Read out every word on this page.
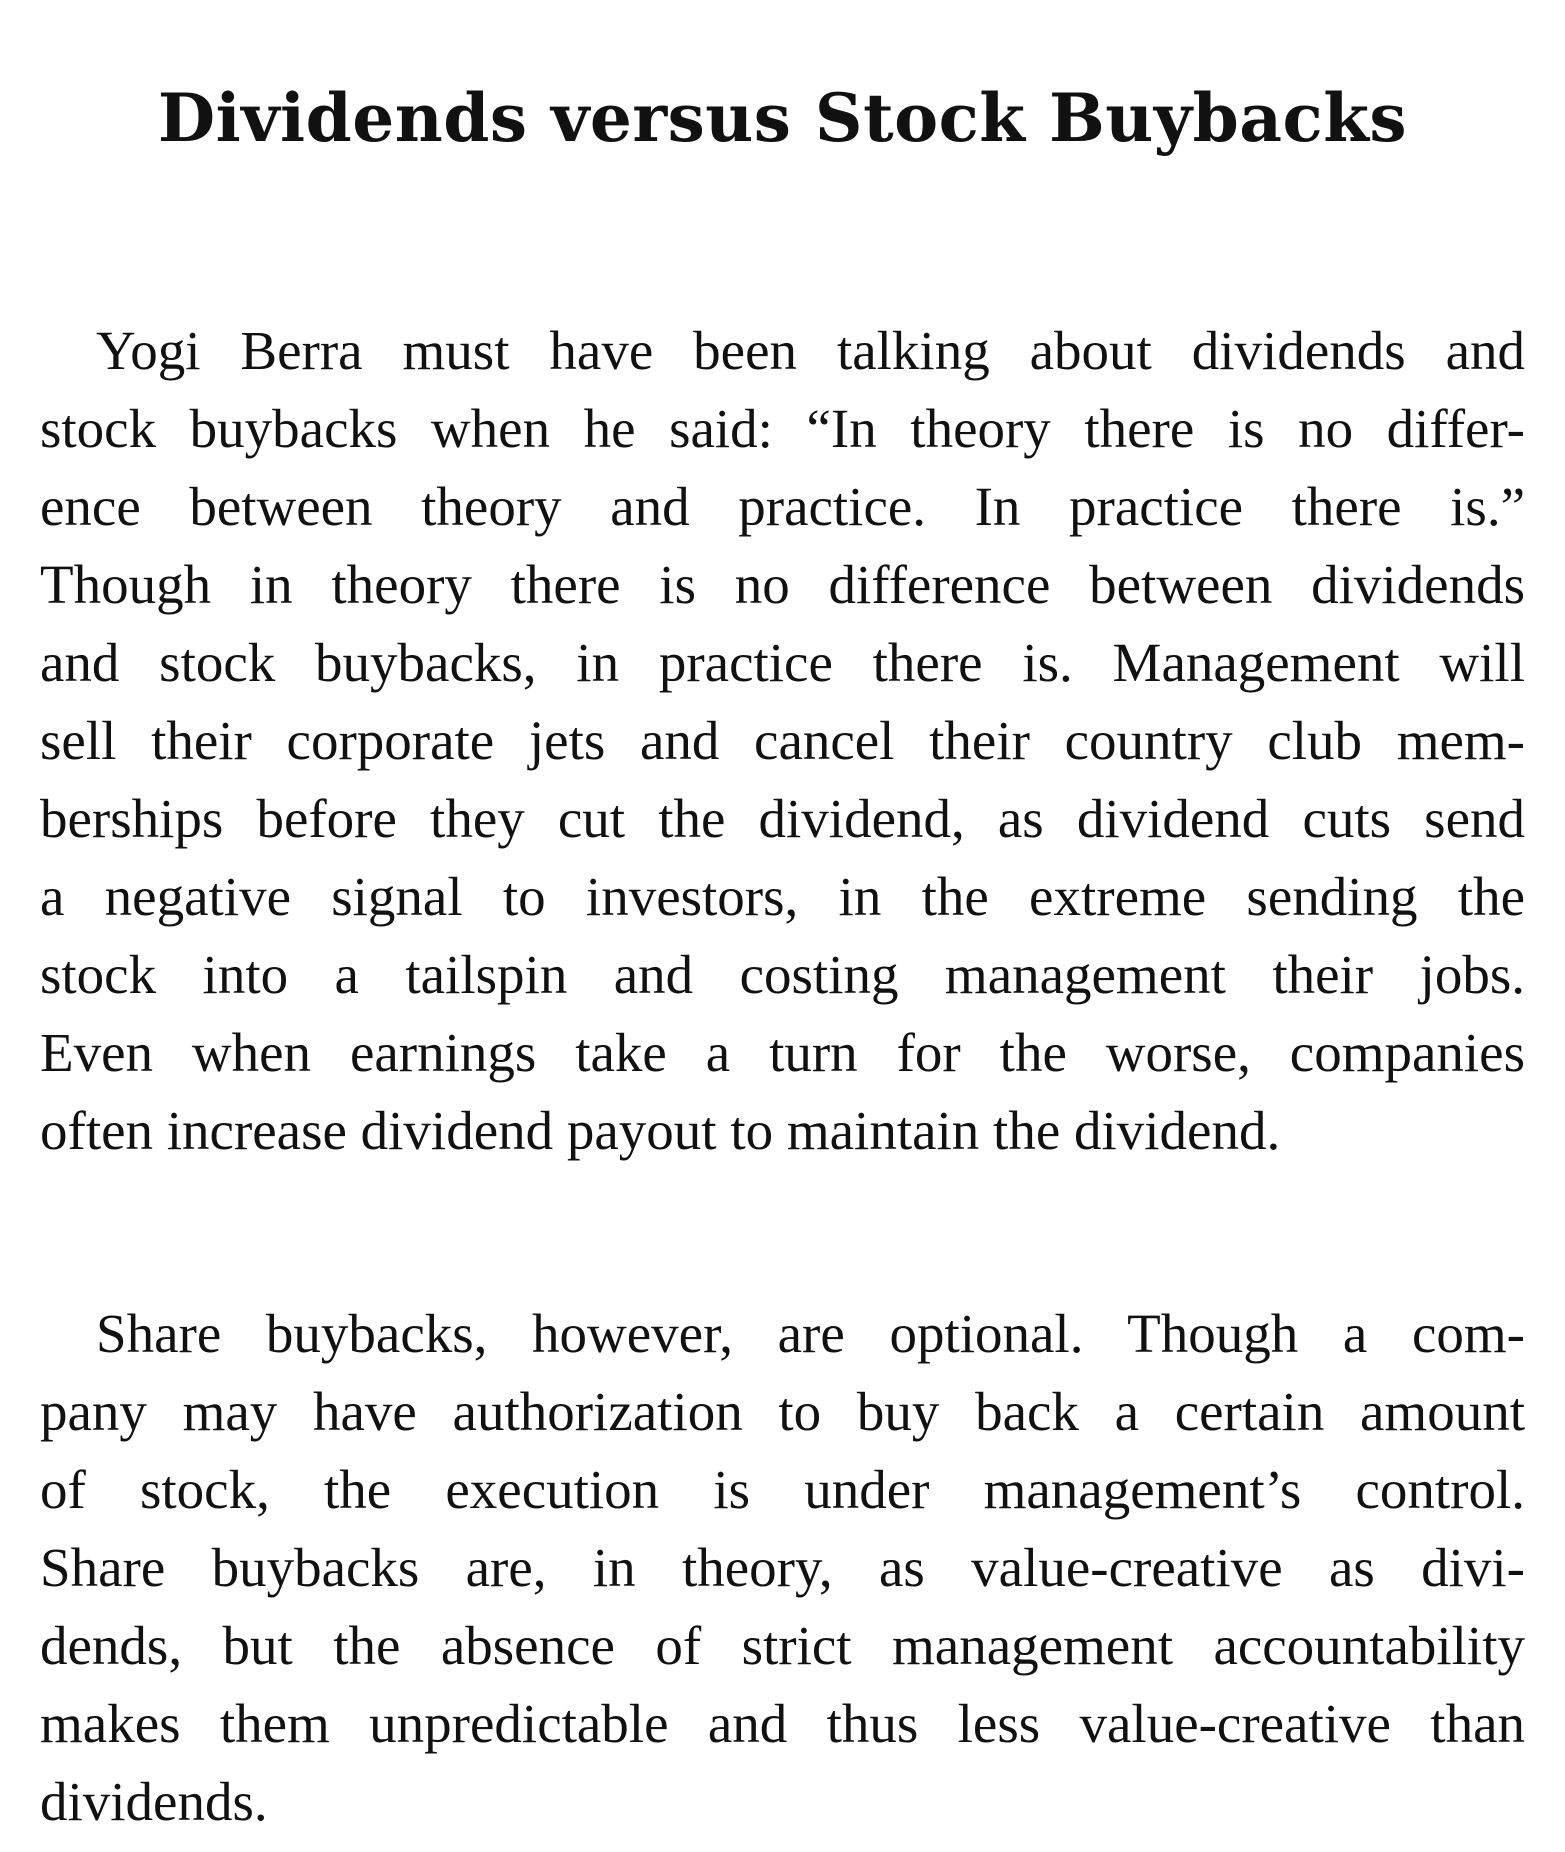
Dividends versus Stock Buybacks
Yogi Berra must have been talking about dividends and
stock buybacks when he said: “In theory there is no differ-
ence between theory and practice. In practice there is.”
Though in theory there is no difference between dividends
and stock buybacks, in practice there is. Management will
sell their corporate jets and cancel their country club mem-
berships before they cut the dividend, as dividend cuts send
a negative signal to investors, in the extreme sending the
stock into a tailspin and costing management their jobs.
Even when earnings take a turn for the worse, companies
often increase dividend payout to maintain the dividend.
Share buybacks, however, are optional. Though a com-
pany may have authorization to buy back a certain amount
of stock, the execution is under management’s control.
Share buybacks are, in theory, as value-creative as divi-
dends, but the absence of strict management accountability
makes them unpredictable and thus less value-creative than
dividends.
